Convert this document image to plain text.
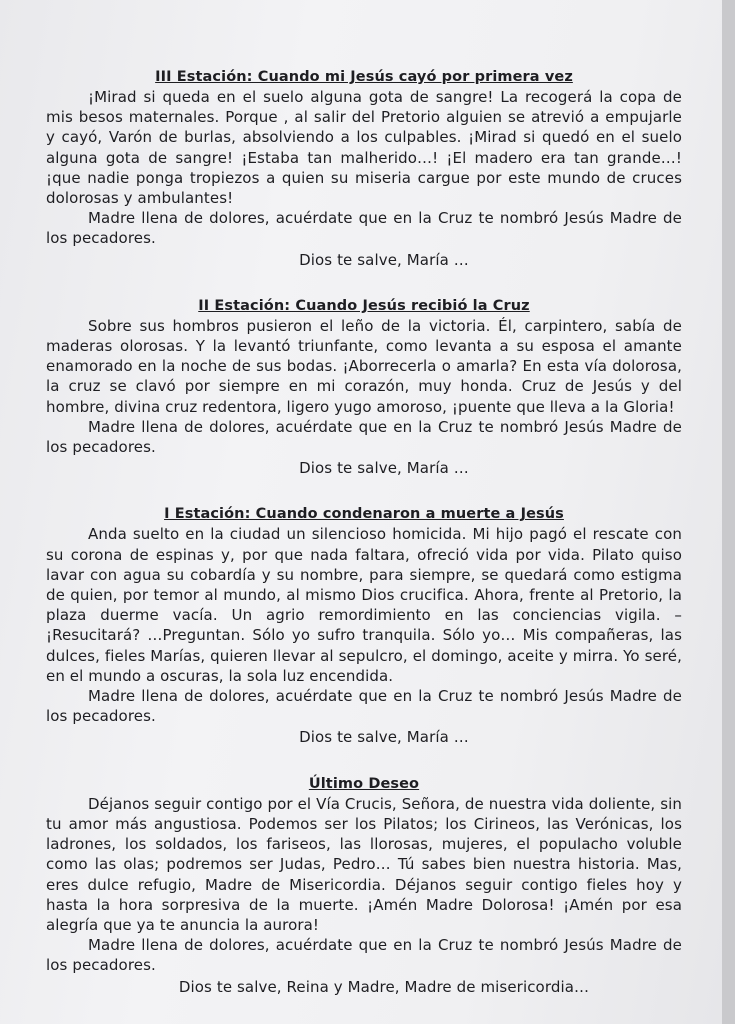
III Estación: Cuando mi Jesús cayó por primera vez

¡Mirad si queda en el suelo alguna gota de sangre! La recogerá la copa de mis besos maternales. Porque , al salir del Pretorio alguien se atrevió a empujarle y cayó, Varón de burlas, absolviendo a los culpables. ¡Mirad si quedó en el suelo alguna gota de sangre! ¡Estaba tan malherido…! ¡El madero era tan grande…! ¡que nadie ponga tropiezos a quien su miseria cargue por este mundo de cruces dolorosas y ambulantes!

Madre llena de dolores, acuérdate que en la Cruz te nombró Jesús Madre de los pecadores.

Dios te salve, María …

II Estación: Cuando Jesús recibió la Cruz

Sobre sus hombros pusieron el leño de la victoria. Él, carpintero, sabía de maderas olorosas. Y la levantó triunfante, como levanta a su esposa el amante enamorado en la noche de sus bodas. ¡Aborrecerla o amarla? En esta vía dolorosa, la cruz se clavó por siempre en mi corazón, muy honda. Cruz de Jesús y del hombre, divina cruz redentora, ligero yugo amoroso, ¡puente que lleva a la Gloria!

Madre llena de dolores, acuérdate que en la Cruz te nombró Jesús Madre de los pecadores.

Dios te salve, María …

I Estación: Cuando condenaron a muerte a Jesús

Anda suelto en la ciudad un silencioso homicida. Mi hijo pagó el rescate con su corona de espinas y, por que nada faltara, ofreció vida por vida. Pilato quiso lavar con agua su cobardía y su nombre, para siempre, se quedará como estigma de quien, por temor al mundo, al mismo Dios crucifica. Ahora, frente al Pretorio, la plaza duerme vacía. Un agrio remordimiento en las conciencias vigila. – ¡Resucitará? …Preguntan. Sólo yo sufro tranquila. Sólo yo… Mis compañeras, las dulces, fieles Marías, quieren llevar al sepulcro, el domingo, aceite y mirra. Yo seré, en el mundo a oscuras, la sola luz encendida.

Madre llena de dolores, acuérdate que en la Cruz te nombró Jesús Madre de los pecadores.

Dios te salve, María …

Último Deseo

Déjanos seguir contigo por el Vía Crucis, Señora, de nuestra vida doliente, sin tu amor más angustiosa. Podemos ser los Pilatos; los Cirineos, las Verónicas, los ladrones, los soldados, los fariseos, las llorosas, mujeres, el populacho voluble como las olas; podremos ser Judas, Pedro… Tú sabes bien nuestra historia. Mas, eres dulce refugio, Madre de Misericordia. Déjanos seguir contigo fieles hoy y hasta la hora sorpresiva de la muerte. ¡Amén Madre Dolorosa! ¡Amén por esa alegría que ya te anuncia la aurora!

Madre llena de dolores, acuérdate que en la Cruz te nombró Jesús Madre de los pecadores.

Dios te salve, Reina y Madre, Madre de misericordia…
